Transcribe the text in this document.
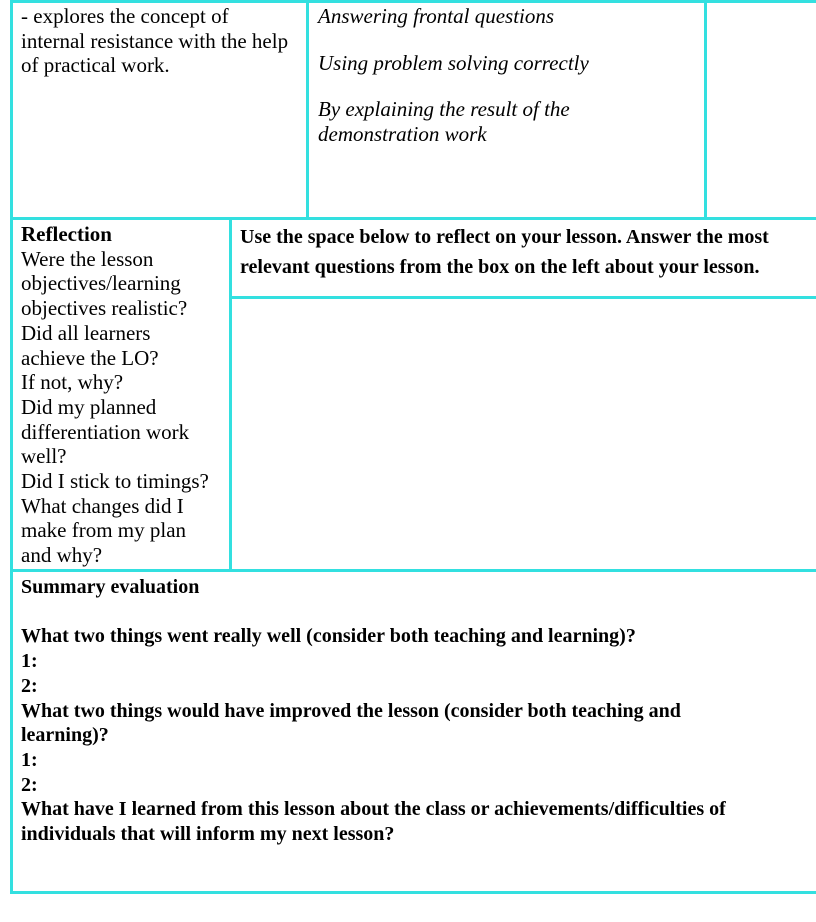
- explores the concept of
internal resistance with the help
of practical work.
Answering frontal questions
Using problem solving correctly
By explaining the result of the
demonstration work
Reflection
Were the lesson
objectives/learning
objectives realistic?
Did all learners
achieve the LO?
If not, why?
Did my planned
differentiation work
well?
Did I stick to timings?
What changes did I
make from my plan
and why?
Use the space below to reflect on your lesson. Answer the most
relevant questions from the box on the left about your lesson.
Summary evaluation

What two things went really well (consider both teaching and learning)?
1:
2:
What two things would have improved the lesson (consider both teaching and
learning)?
1:
2:
What have I learned from this lesson about the class or achievements/difficulties of
individuals that will inform my next lesson?
